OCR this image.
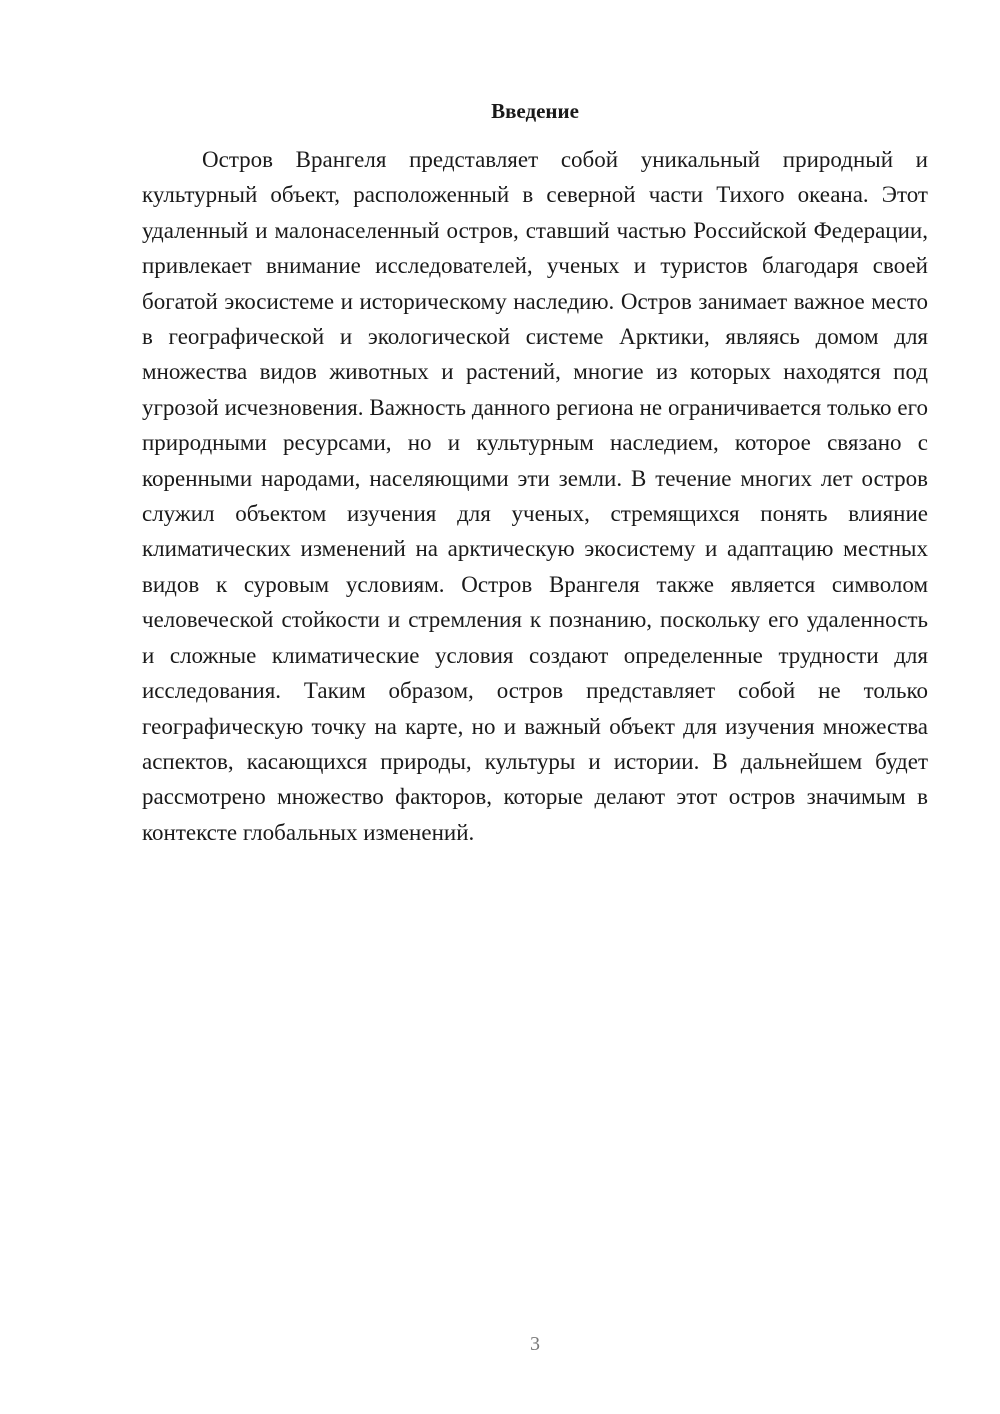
Введение

Остров Врангеля представляет собой уникальный природный и культурный объект, расположенный в северной части Тихого океана. Этот удаленный и малонаселенный остров, ставший частью Российской Федерации, привлекает внимание исследователей, ученых и туристов благодаря своей богатой экосистеме и историческому наследию. Остров занимает важное место в географической и экологической системе Арктики, являясь домом для множества видов животных и растений, многие из которых находятся под угрозой исчезновения. Важность данного региона не ограничивается только его природными ресурсами, но и культурным наследием, которое связано с коренными народами, населяющими эти земли. В течение многих лет остров служил объектом изучения для ученых, стремящихся понять влияние климатических изменений на арктическую экосистему и адаптацию местных видов к суровым условиям. Остров Врангеля также является символом человеческой стойкости и стремления к познанию, поскольку его удаленность и сложные климатические условия создают определенные трудности для исследования. Таким образом, остров представляет собой не только географическую точку на карте, но и важный объект для изучения множества аспектов, касающихся природы, культуры и истории. В дальнейшем будет рассмотрено множество факторов, которые делают этот остров значимым в контексте глобальных изменений.

3
